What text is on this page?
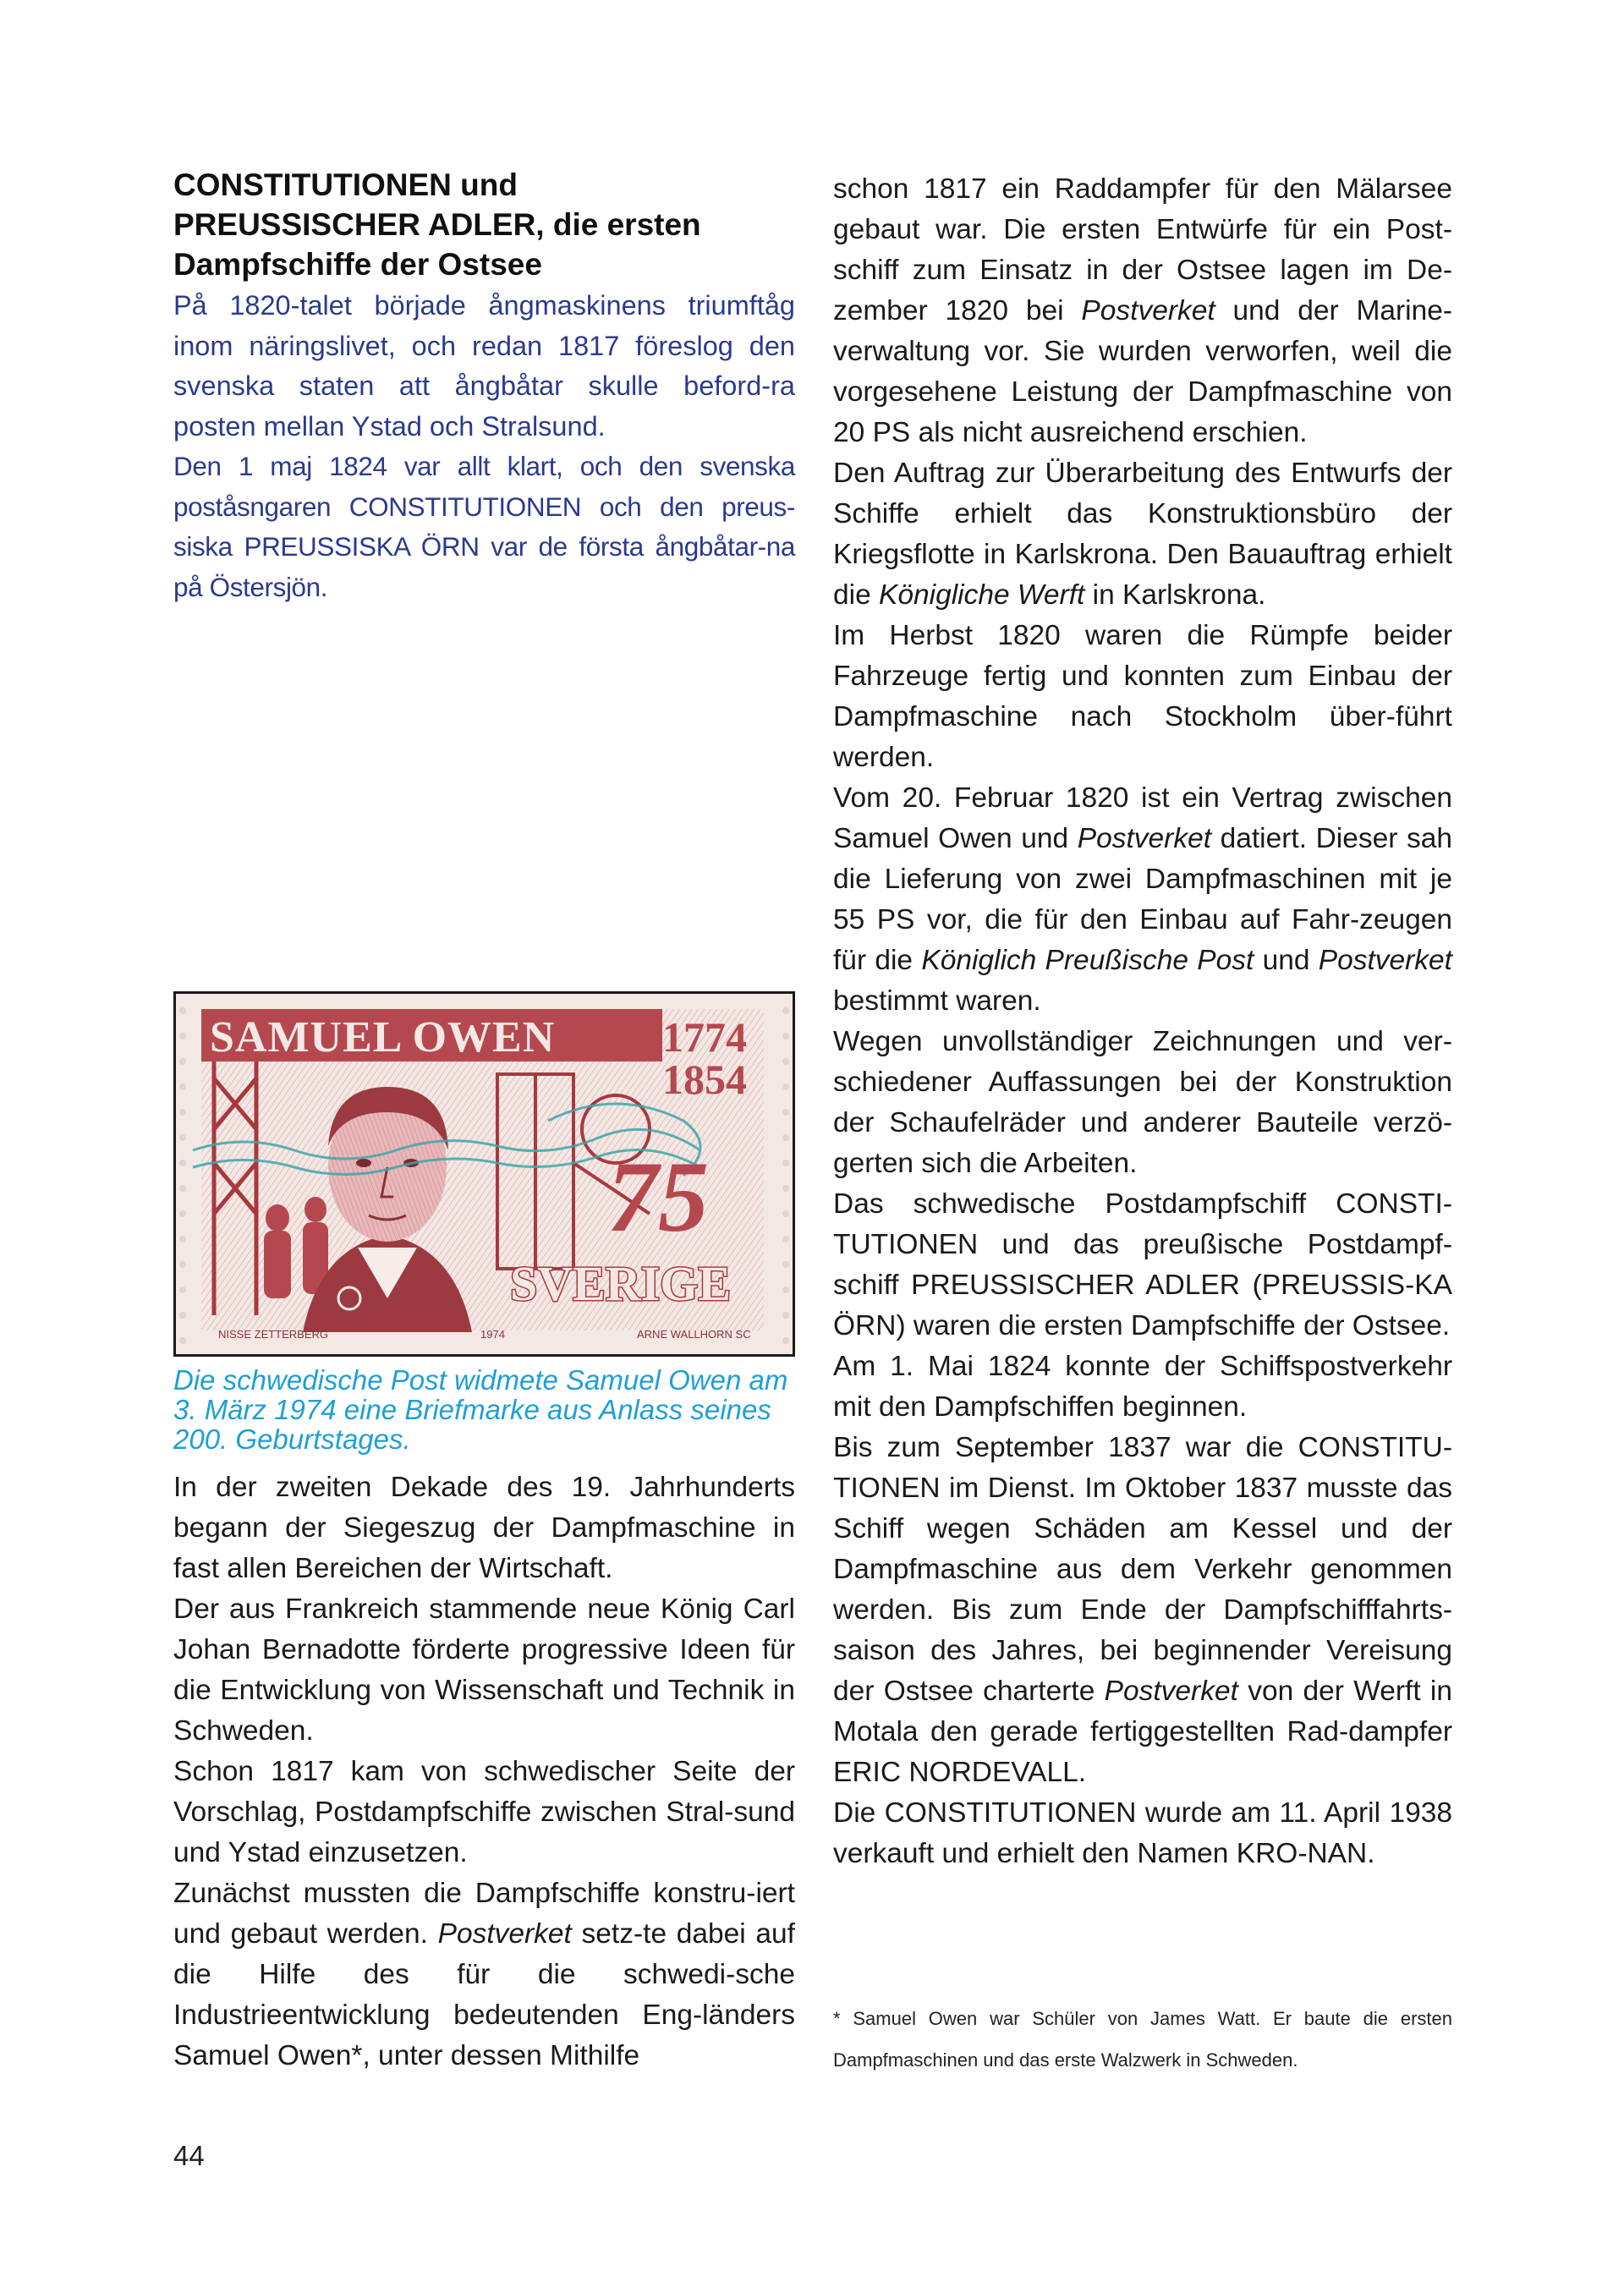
CONSTITUTIONEN und
PREUSSISCHER ADLER, die ersten
Dampfschiffe der Ostsee

På 1820-talet började ångmaskinens triumftåg inom näringslivet, och redan 1817 föreslog den svenska staten att ångbåtar skulle beford-ra posten mellan Ystad och Stralsund.

Den 1 maj 1824 var allt klart, och den svenska poståsngaren CONSTITUTIONEN och den preus-siska PREUSSISKA ÖRN var de första ångbåtar-na på Östersjön.

SAMUEL OWEN	1774
1854
75
SVERIGE
NISSE ZETTERBERG	1974	ARNE WALLHORN SC

Die schwedische Post widmete Samuel Owen am 3. März 1974 eine Briefmarke aus Anlass seines 200. Geburtstages.

In der zweiten Dekade des 19. Jahrhunderts begann der Siegeszug der Dampfmaschine in fast allen Bereichen der Wirtschaft.

Der aus Frankreich stammende neue König Carl Johan Bernadotte förderte progressive Ideen für die Entwicklung von Wissenschaft und Technik in Schweden.

Schon 1817 kam von schwedischer Seite der Vorschlag, Postdampfschiffe zwischen Stral-sund und Ystad einzusetzen.

Zunächst mussten die Dampfschiffe konstru-iert und gebaut werden. Postverket setz-te dabei auf die Hilfe des für die schwedi-sche Industrieentwicklung bedeutenden Eng-länders Samuel Owen*, unter dessen Mithilfe

schon 1817 ein Raddampfer für den Mälarsee gebaut war. Die ersten Entwürfe für ein Post-schiff zum Einsatz in der Ostsee lagen im De-zember 1820 bei Postverket und der Marine-verwaltung vor. Sie wurden verworfen, weil die vorgesehene Leistung der Dampfmaschine von 20 PS als nicht ausreichend erschien.

Den Auftrag zur Überarbeitung des Entwurfs der Schiffe erhielt das Konstruktionsbüro der Kriegsflotte in Karlskrona. Den Bauauftrag erhielt die Königliche Werft in Karlskrona.

Im Herbst 1820 waren die Rümpfe beider Fahrzeuge fertig und konnten zum Einbau der Dampfmaschine nach Stockholm über-führt werden.

Vom 20. Februar 1820 ist ein Vertrag zwischen Samuel Owen und Postverket datiert. Dieser sah die Lieferung von zwei Dampfmaschinen mit je 55 PS vor, die für den Einbau auf Fahr-zeugen für die Königlich Preußische Post und Postverket bestimmt waren.

Wegen unvollständiger Zeichnungen und ver-schiedener Auffassungen bei der Konstruktion der Schaufelräder und anderer Bauteile verzö-gerten sich die Arbeiten.

Das schwedische Postdampfschiff CONSTI-TUTIONEN und das preußische Postdampf-schiff PREUSSISCHER ADLER (PREUSSIS-KA ÖRN) waren die ersten Dampfschiffe der Ostsee.

Am 1. Mai 1824 konnte der Schiffspostverkehr mit den Dampfschiffen beginnen.

Bis zum September 1837 war die CONSTITU-TIONEN im Dienst. Im Oktober 1837 musste das Schiff wegen Schäden am Kessel und der Dampfmaschine aus dem Verkehr genommen werden. Bis zum Ende der Dampfschifffahrts-saison des Jahres, bei beginnender Vereisung der Ostsee charterte Postverket von der Werft in Motala den gerade fertiggestellten Rad-dampfer ERIC NORDEVALL.

Die CONSTITUTIONEN wurde am 11. April 1938 verkauft und erhielt den Namen KRO-NAN.

* Samuel Owen war Schüler von James Watt. Er baute die ersten Dampfmaschinen und das erste Walzwerk in Schweden.
44
